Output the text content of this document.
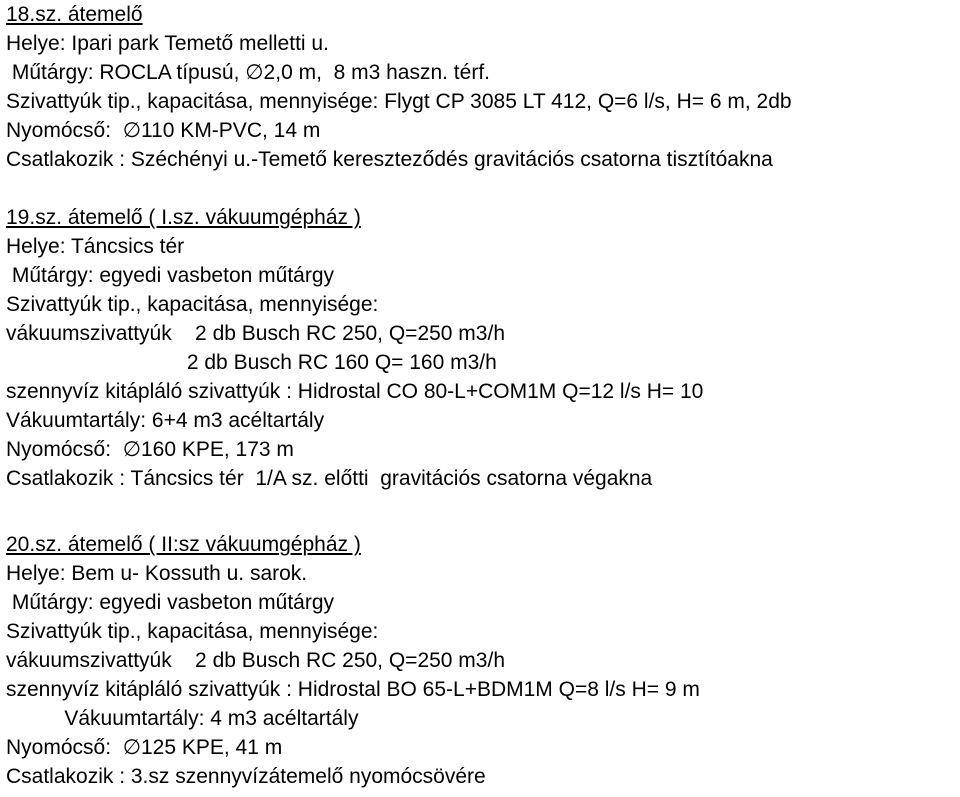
18.sz. átemelő
Helye: Ipari park Temető melletti u.
Műtárgy: ROCLA típusú, ∅2,0 m,  8 m3 haszn. térf.
Szivattyúk tip., kapacitása, mennyisége: Flygt CP 3085 LT 412, Q=6 l/s, H= 6 m, 2db
Nyomócső:  ∅110 KM-PVC, 14 m
Csatlakozik : Széchényi u.-Temető kereszteződés gravitációs csatorna tisztítóakna
19.sz. átemelő ( I.sz. vákuumgépház )
Helye: Táncsics tér
Műtárgy: egyedi vasbeton műtárgy
Szivattyúk tip., kapacitása, mennyisége:
vákuumszivattyúk    2 db Busch RC 250, Q=250 m3/h
2 db Busch RC 160 Q= 160 m3/h
szennyvíz kitápláló szivattyúk : Hidrostal CO 80-L+COM1M Q=12 l/s H= 10
Vákuumtartály: 6+4 m3 acéltartály
Nyomócső:  ∅160 KPE, 173 m
Csatlakozik : Táncsics tér  1/A sz. előtti  gravitációs csatorna végakna
20.sz. átemelő ( II:sz vákuumgépház )
Helye: Bem u- Kossuth u. sarok.
Műtárgy: egyedi vasbeton műtárgy
Szivattyúk tip., kapacitása, mennyisége:
vákuumszivattyúk    2 db Busch RC 250, Q=250 m3/h
szennyvíz kitápláló szivattyúk : Hidrostal BO 65-L+BDM1M Q=8 l/s H= 9 m
Vákuumtartály: 4 m3 acéltartály
Nyomócső:  ∅125 KPE, 41 m
Csatlakozik : 3.sz szennyvízátemelő nyomócsövére
